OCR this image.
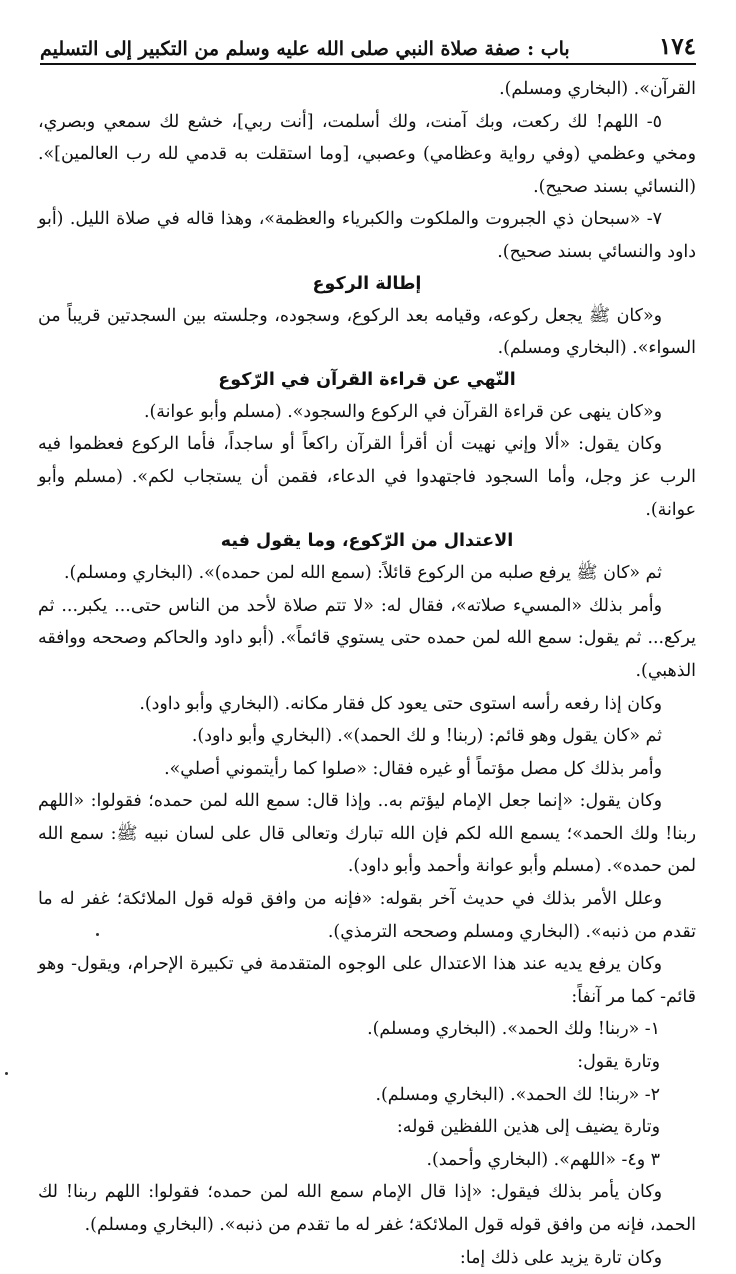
١٧٤
باب : صفة صلاة النبي صلى الله عليه وسلم من التكبير إلى التسليم

القرآن». (البخاري ومسلم).

٥- اللهم! لك ركعت، وبك آمنت، ولك أسلمت، [أنت ربي]، خشع لك سمعي وبصري، ومخي وعظمي (وفي رواية وعظامي) وعصبي، [وما استقلت به قدمي لله رب العالمين]». (النسائي بسند صحيح).

٧- «سبحان ذي الجبروت والملكوت والكبرياء والعظمة»، وهذا قاله في صلاة الليل. (أبو داود والنسائي بسند صحيح).

إطالة الركوع

و«كان ﷺ يجعل ركوعه، وقيامه بعد الركوع، وسجوده، وجلسته بين السجدتين قريباً من السواء». (البخاري ومسلم).

النّهي عن قراءة القرآن في الرّكوع

و«كان ينهى عن قراءة القرآن في الركوع والسجود». (مسلم وأبو عوانة).

وكان يقول: «ألا وإني نهيت أن أقرأ القرآن راكعاً أو ساجداً، فأما الركوع فعظموا فيه الرب عز وجل، وأما السجود فاجتهدوا في الدعاء، فقمن أن يستجاب لكم». (مسلم وأبو عوانة).

الاعتدال من الرّكوع، وما يقول فيه

ثم «كان ﷺ يرفع صلبه من الركوع قائلاً: (سمع الله لمن حمده)». (البخاري ومسلم).

وأمر بذلك «المسيء صلاته»، فقال له: «لا تتم صلاة لأحد من الناس حتى... يكبر... ثم يركع... ثم يقول: سمع الله لمن حمده حتى يستوي قائماً». (أبو داود والحاكم وصححه ووافقه الذهبي).

وكان إذا رفعه رأسه استوى حتى يعود كل فقار مكانه. (البخاري وأبو داود).

ثم «كان يقول وهو قائم: (ربنا! و لك الحمد)». (البخاري وأبو داود).

وأمر بذلك كل مصل مؤتماً أو غيره فقال: «صلوا كما رأيتموني أصلي».

وكان يقول: «إنما جعل الإمام ليؤتم به.. وإذا قال: سمع الله لمن حمده؛ فقولوا: «اللهم ربنا! ولك الحمد»؛ يسمع الله لكم فإن الله تبارك وتعالى قال على لسان نبيه ﷺ: سمع الله لمن حمده». (مسلم وأبو عوانة وأحمد وأبو داود).

وعلل الأمر بذلك في حديث آخر بقوله: «فإنه من وافق قوله قول الملائكة؛ غفر له ما تقدم من ذنبه». (البخاري ومسلم وصححه الترمذي).

وكان يرفع يديه عند هذا الاعتدال على الوجوه المتقدمة في تكبيرة الإحرام، ويقول- وهو قائم- كما مر آنفاً:

١- «ربنا! ولك الحمد». (البخاري ومسلم).

وتارة يقول:

٢- «ربنا! لك الحمد». (البخاري ومسلم).

وتارة يضيف إلى هذين اللفظين قوله:

٣ و٤- «اللهم». (البخاري وأحمد).

وكان يأمر بذلك فيقول: «إذا قال الإمام سمع الله لمن حمده؛ فقولوا: اللهم ربنا! لك الحمد، فإنه من وافق قوله قول الملائكة؛ غفر له ما تقدم من ذنبه». (البخاري ومسلم).

وكان تارة يزيد على ذلك إما:
